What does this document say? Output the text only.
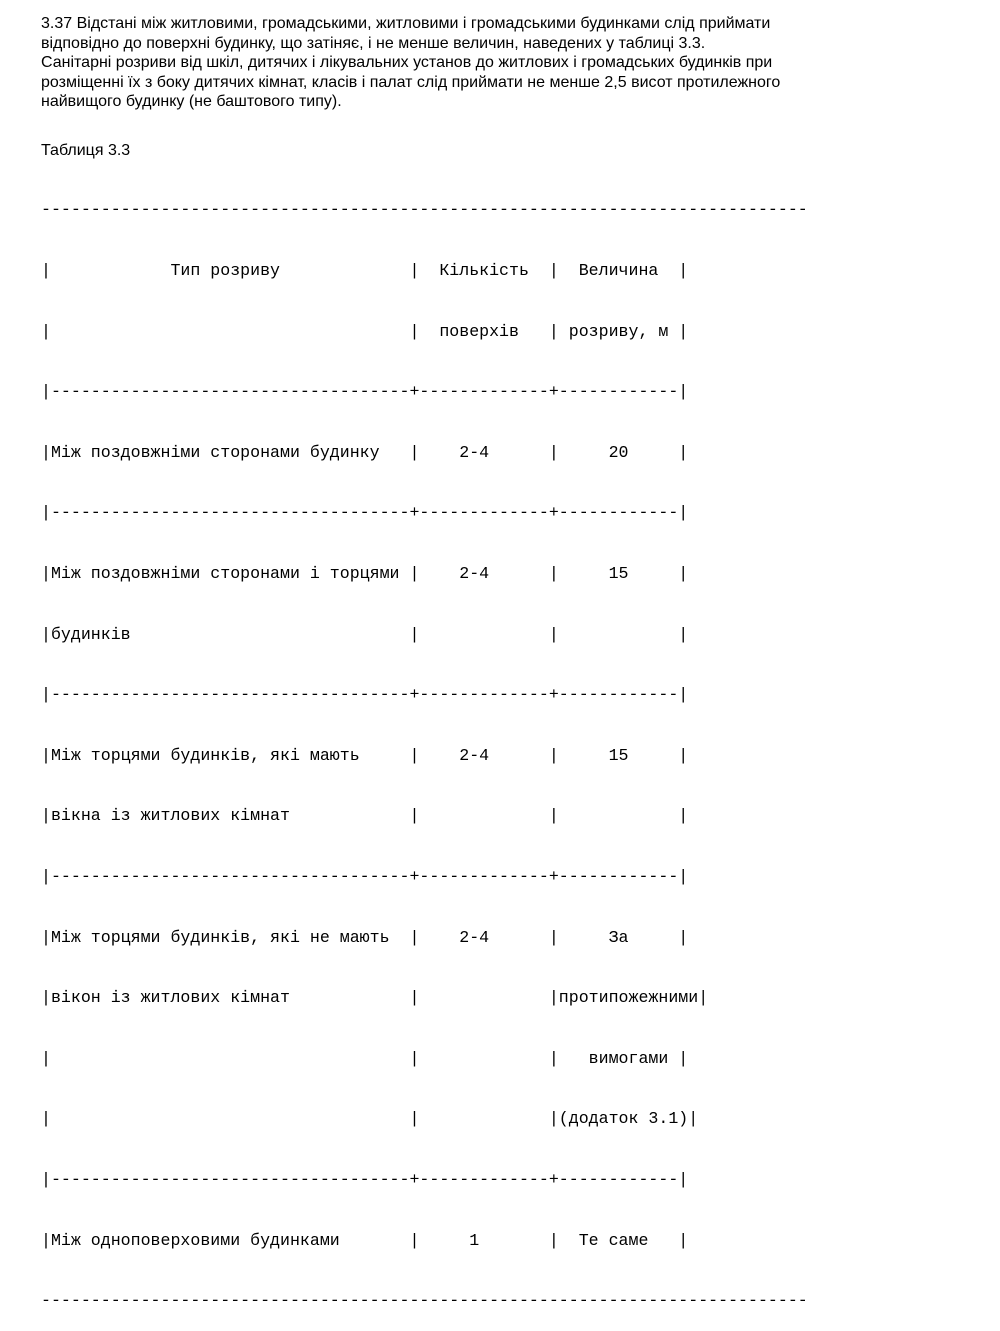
3.37 Відстані між житловими, громадськими, житловими і громадськими будинками слід приймати
відповідно до поверхні будинку, що затіняє, і не менше величин, наведених у таблиці 3.3.
Санітарні розриви від шкіл, дитячих і лікувальних установ до житлових і громадських будинків при
розміщенні їх з боку дитячих кімнат, класів і палат слід приймати не менше 2,5 висот протилежного
найвищого будинку (не баштового типу).
Таблиця 3.3

-----------------------------------------------------------------------------

|            Тип розриву             |  Кількість  |  Величина  |

|                                    |  поверхів   | розриву, м |

|------------------------------------+-------------+------------|

|Між поздовжніми сторонами будинку   |    2-4      |     20     |

|------------------------------------+-------------+------------|

|Між поздовжніми сторонами і торцями |    2-4      |     15     |

|будинків                            |             |            |

|------------------------------------+-------------+------------|

|Між торцями будинків, які мають     |    2-4      |     15     |

|вікна із житлових кімнат            |             |            |

|------------------------------------+-------------+------------|

|Між торцями будинків, які не мають  |    2-4      |     За     |

|вікон із житлових кімнат            |             |протипожежними|

|                                    |             |   вимогами |

|                                    |             |(додаток 3.1)|

|------------------------------------+-------------+------------|

|Між одноповерховими будинками       |     1       |  Те саме   |

-----------------------------------------------------------------------------
